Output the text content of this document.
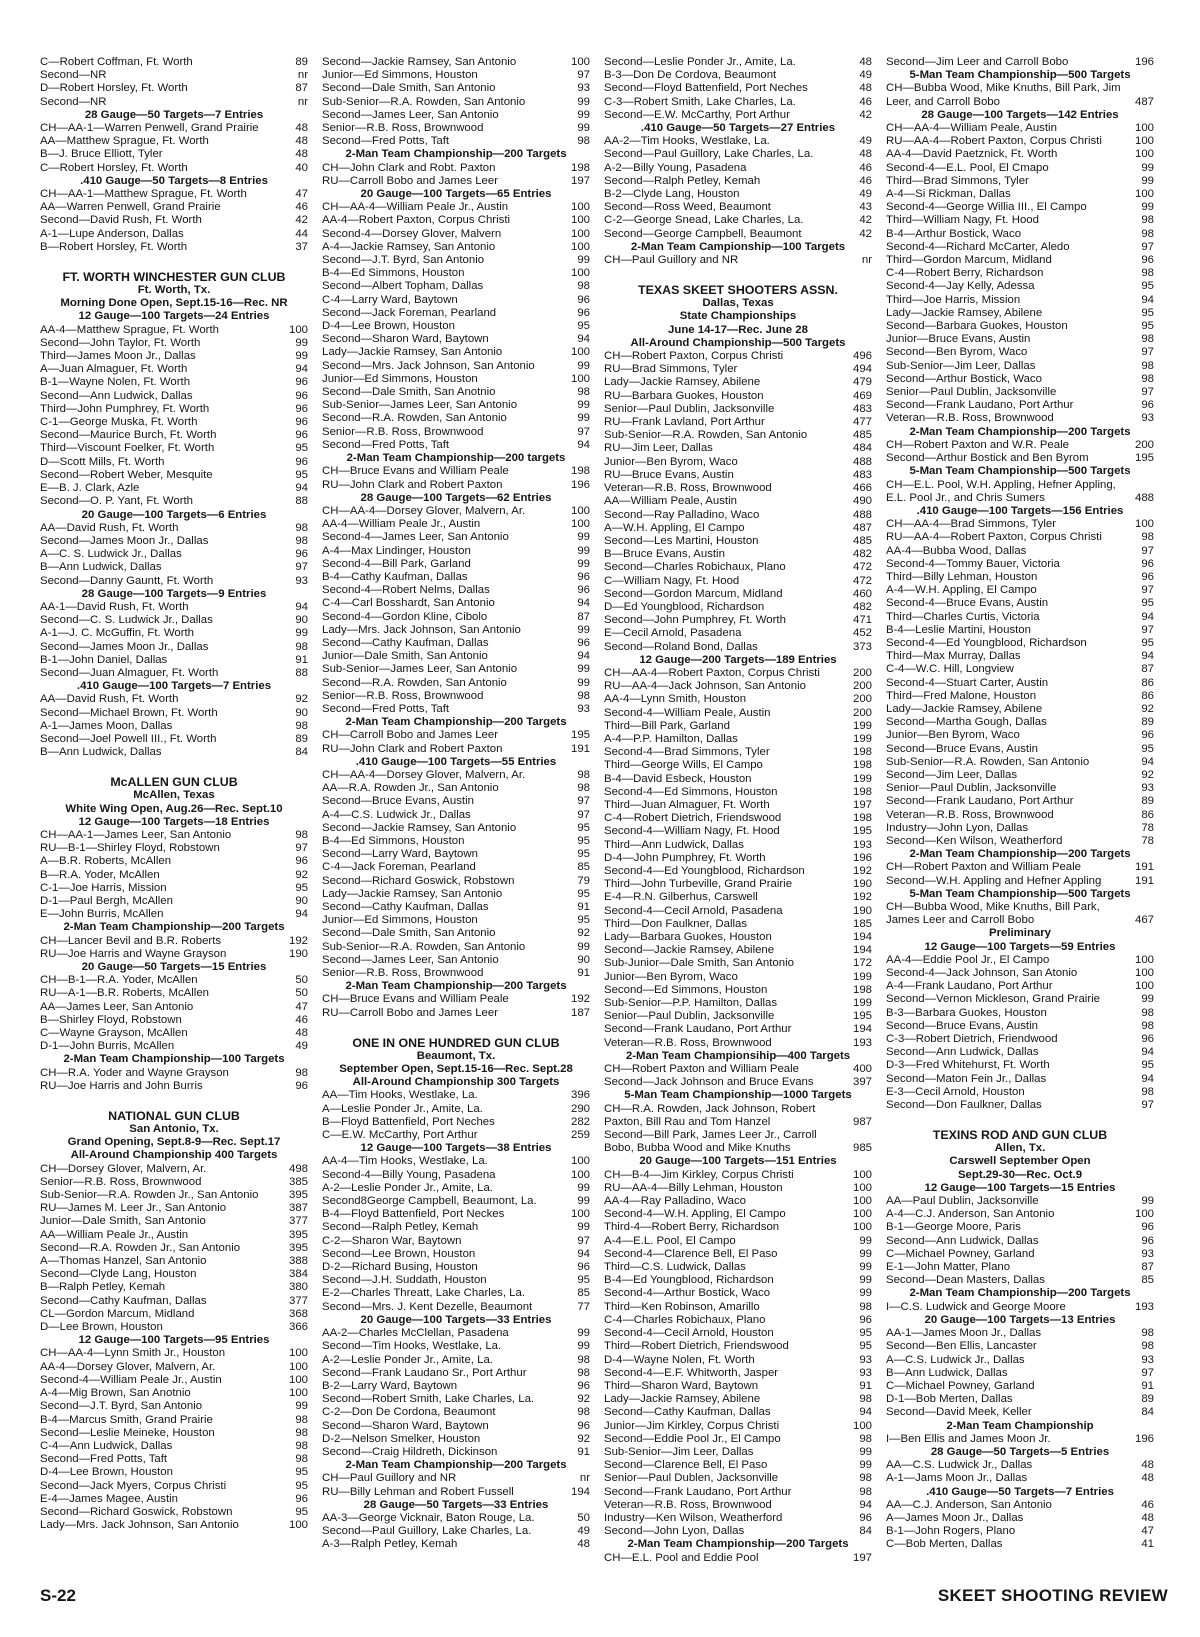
C—Robert Coffman, Ft. Worth	89
Second—NR	nr
D—Robert Horsley, Ft. Worth	87
Second—NR	nr
28 Gauge—50 Targets—7 Entries
CH—AA-1—Warren Penwell, Grand Prairie	48
AA—Matthew Sprague, Ft. Worth	48
B—J. Bruce Elliott, Tyler	48
C—Robert Horsley, Ft. Worth	40
.410 Gauge—50 Targets—8 Entries
CH—AA-1—Matthew Sprague, Ft. Worth	47
AA—Warren Penwell, Grand Prairie	46
Second—David Rush, Ft. Worth	42
A-1—Lupe Anderson, Dallas	44
B—Robert Horsley, Ft. Worth	37
FT. WORTH WINCHESTER GUN CLUB
Ft. Worth, Tx.
Morning Done Open, Sept.15-16—Rec. NR
12 Gauge—100 Targets—24 Entries
AA-4—Matthew Sprague, Ft. Worth	100
Second—John Taylor, Ft. Worth	99
Third—James Moon Jr., Dallas	99
A—Juan Almaguer, Ft. Worth	94
B-1—Wayne Nolen, Ft. Worth	96
Second—Ann Ludwick, Dallas	96
Third—John Pumphrey, Ft. Worth	96
C-1—George Muska, Ft. Worth	96
Second—Maurice Burch, Ft. Worth	96
Third—Viscount Foelker, Ft. Worth	95
D—Scott Mills, Ft. Worth	96
Second—Robert Weber, Mesquite	95
E—B. J. Clark, Azle	94
Second—O. P. Yant, Ft. Worth	88
20 Gauge—100 Targets—6 Entries
AA—David Rush, Ft. Worth	98
Second—James Moon Jr., Dallas	98
A—C. S. Ludwick Jr., Dallas	96
B—Ann Ludwick, Dallas	97
Second—Danny Gauntt, Ft. Worth	93
28 Gauge—100 Targets—9 Entries
AA-1—David Rush, Ft. Worth	94
Second—C. S. Ludwick Jr., Dallas	90
A-1—J. C. McGuffin, Ft. Worth	99
Second—James Moon Jr., Dallas	98
B-1—John Daniel, Dallas	91
Second—Juan Almaguer, Ft. Worth	88
.410 Gauge—100 Targets—7 Entries
AA—David Rush, Ft. Worth	92
Second—Michael Brown, Ft. Worth	90
A-1—James Moon, Dallas	98
Second—Joel Powell III., Ft. Worth	89
B—Ann Ludwick, Dallas	84
McALLEN GUN CLUB
McAllen, Texas
White Wing Open, Aug.26—Rec. Sept.10
12 Gauge—100 Targets—18 Entries
CH—AA-1—James Leer, San Antonio	98
RU—B-1—Shirley Floyd, Robstown	97
A—B.R. Roberts, McAllen	96
B—R.A. Yoder, McAllen	92
C-1—Joe Harris, Mission	95
D-1—Paul Bergh, McAllen	90
E—John Burris, McAllen	94
2-Man Team Championship—200 Targets
CH—Lancer Bevil and B.R. Roberts	192
RU—Joe Harris and Wayne Grayson	190
20 Gauge—50 Targets—15 Entries
CH—B-1—R.A. Yoder, McAllen	50
RU—A-1—B.R. Roberts, McAllen	50
AA—James Leer, San Antonio	47
B—Shirley Floyd, Robstown	46
C—Wayne Grayson, McAllen	48
D-1—John Burris, McAllen	49
2-Man Team Championship—100 Targets
CH—R.A. Yoder and Wayne Grayson	98
RU—Joe Harris and John Burris	96
NATIONAL GUN CLUB
San Antonio, Tx.
Grand Opening, Sept.8-9—Rec. Sept.17
All-Around Championship 400 Targets
CH—Dorsey Glover, Malvern, Ar.	498
Senior—R.B. Ross, Brownwood	385
Sub-Senior—R.A. Rowden Jr., San Antonio	395
RU—James M. Leer Jr., San Antonio	387
Junior—Dale Smith, San Antonio	377
AA—William Peale Jr., Austin	395
Second—R.A. Rowden Jr., San Antonio	395
A—Thomas Hanzel, San Antonio	388
Second—Clyde Lang, Houston	384
B—Ralph Petley, Kemah	380
Second—Cathy Kaufman, Dallas	377
CL—Gordon Marcum, Midland	368
D—Lee Brown, Houston	366
12 Gauge—100 Targets—95 Entries
CH—AA-4—Lynn Smith Jr., Houston	100
AA-4—Dorsey Glover, Malvern, Ar.	100
Second-4—William Peale Jr., Austin	100
A-4—Mig Brown, San Anotnio	100
Second—J.T. Byrd, San Antonio	99
B-4—Marcus Smith, Grand Prairie	98
Second—Leslie Meineke, Houston	98
C-4—Ann Ludwick, Dallas	98
Second—Fred Potts, Taft	98
D-4—Lee Brown, Houston	95
Second—Jack Myers, Corpus Christi	95
E-4—James Magee, Austin	96
Second—Richard Goswick, Robstown	95
Lady—Mrs. Jack Johnson, San Antonio	100
Second—Jackie Ramsey, San Antonio	100
Junior—Ed Simmons, Houston	97
Second—Dale Smith, San Antonio	93
Sub-Senior—R.A. Rowden, San Antonio	99
Second—James Leer, San Antonio	99
Senior—R.B. Ross, Brownwood	99
Second—Fred Potts, Taft	98
2-Man Team Championship—200 Targets
CH—John Clark and Robt. Paxton	198
RU—Carroll Bobo and James Leer	197
20 Gauge—100 Targets—65 Entries
CH—AA-4—William Peale Jr., Austin	100
AA-4—Robert Paxton, Corpus Christi	100
Second-4—Dorsey Glover, Malvern	100
A-4—Jackie Ramsey, San Antonio	100
Second—J.T. Byrd, San Antonio	99
B-4—Ed Simmons, Houston	100
Second—Albert Topham, Dallas	98
C-4—Larry Ward, Baytown	96
Second—Jack Foreman, Pearland	96
D-4—Lee Brown, Houston	95
Second—Sharon Ward, Baytown	94
Lady—Jackie Ramsey, San Antonio	100
Second—Mrs. Jack Johnson, San Antonio	99
Junior—Ed Simmons, Houston	100
Second—Dale Smith, San Anotnio	98
Sub-Senior—James Leer, San Antonio	99
Second—R.A. Rowden, San Antonio	99
Senior—R.B. Ross, Brownwood	97
Second—Fred Potts, Taft	94
2-Man Team Championship—200 targets
CH—Bruce Evans and William Peale	198
RU—John Clark and Robert Paxton	196
28 Gauge—100 Targets—62 Entries
CH—AA-4—Dorsey Glover, Malvern, Ar.	100
AA-4—William Peale Jr., Austin	100
Second-4—James Leer, San Antonio	99
A-4—Max Lindinger, Houston	99
Second-4—Bill Park, Garland	99
B-4—Cathy Kaufman, Dallas	96
Second-4—Robert Nelms, Dallas	96
C-4—Carl Bosshardt, San Antonio	94
Second-4—Gordon Kline, Cibolo	87
Lady—Mrs. Jack Johnson, San Antonio	99
Second—Cathy Kaufman, Dallas	96
Junior—Dale Smith, San Antonio	94
Sub-Senior—James Leer, San Antonio	99
Second—R.A. Rowden, San Antonio	99
Senior—R.B. Ross, Brownwood	98
Second—Fred Potts, Taft	93
2-Man Team Championship—200 Targets
CH—Carroll Bobo and James Leer	195
RU—John Clark and Robert Paxton	191
.410 Gauge—100 Targets—55 Entries
CH—AA-4—Dorsey Glover, Malvern, Ar.	98
AA—R.A. Rowden Jr., San Antonio	98
Second—Bruce Evans, Austin	97
A-4—C.S. Ludwick Jr., Dallas	97
Second—Jackie Ramsey, San Antonio	95
B-4—Ed Simmons, Houston	95
Second—Larry Ward, Baytown	95
C-4—Jack Foreman, Pearland	85
Second—Richard Goswick, Robstown	79
Lady—Jackie Ramsey, San Antonio	95
Second—Cathy Kaufman, Dallas	91
Junior—Ed Simmons, Houston	95
Second—Dale Smith, San Antonio	92
Sub-Senior—R.A. Rowden, San Antonio	99
Second—James Leer, San Antonio	90
Senior—R.B. Ross, Brownwood	91
2-Man Team Championship—200 Targets
CH—Bruce Evans and William Peale	192
RU—Carroll Bobo and James Leer	187
ONE IN ONE HUNDRED GUN CLUB
Beaumont, Tx.
September Open, Sept.15-16—Rec. Sept.28
All-Around Championship 300 Targets
AA—Tim Hooks, Westlake, La.	396
A—Leslie Ponder Jr., Amite, La.	290
B—Floyd Battenfield, Port Neches	282
C—E.W. McCarthy, Port Arthur	259
12 Gauge—100 Targets—38 Entries
AA-4—Tim Hooks, Westlake, La.	100
Second-4—Billy Young, Pasadena	100
A-2—Leslie Ponder Jr., Amite, La.	99
Second8George Campbell, Beaumont, La.	99
B-4—Floyd Battenfield, Port Neckes	100
Second—Ralph Petley, Kemah	99
C-2—Sharon War, Baytown	97
Second—Lee Brown, Houston	94
D-2—Richard Busing, Houston	96
Second—J.H. Suddath, Houston	95
E-2—Charles Threatt, Lake Charles, La.	85
Second—Mrs. J. Kent Dezelle, Beaumont	77
20 Gauge—100 Targets—33 Entries
AA-2—Charles McClellan, Pasadena	99
Second—Tim Hooks, Westlake, La.	99
A-2—Leslie Ponder Jr., Amite, La.	98
Second—Frank Laudano Sr., Port Arthur	98
B-2—Larry Ward, Baytown	96
Second—Robert Smith, Lake Charles, La.	92
C-2—Don De Cordona, Beaumont	98
Second—Sharon Ward, Baytown	96
D-2—Nelson Smelker, Houston	92
Second—Craig Hildreth, Dickinson	91
2-Man Team Championship—200 Targets
CH—Paul Guillory and NR	nr
RU—Billy Lehman and Robert Fussell	194
28 Gauge—50 Targets—33 Entries
AA-3—George Vicknair, Baton Rouge, La.	50
Second—Paul Guillory, Lake Charles, La.	49
A-3—Ralph Petley, Kemah	48
Second—Leslie Ponder Jr., Amite, La.	48
B-3—Don De Cordova, Beaumont	49
Second—Floyd Battenfield, Port Neches	48
C-3—Robert Smith, Lake Charles, La.	46
Second—E.W. McCarthy, Port Arthur	42
.410 Gauge—50 Targets—27 Entries
AA-2—Tim Hooks, Westlake, La.	49
Second—Paul Guillory, Lake Charles, La.	48
A-2—Billy Young, Pasadena	46
Second—Ralph Petley, Kemah	46
B-2—Clyde Lang, Houston	49
Second—Ross Weed, Beaumont	43
C-2—George Snead, Lake Charles, La.	42
Second—George Campbell, Beaumont	42
2-Man Team Campionship—100 Targets
CH—Paul Guillory and NR	nr
TEXAS SKEET SHOOTERS ASSN.
Dallas, Texas
State Championships
June 14-17—Rec. June 28
All-Around Championship—500 Targets
CH—Robert Paxton, Corpus Christi	496
RU—Brad Simmons, Tyler	494
Lady—Jackie Ramsey, Abilene	479
RU—Barbara Guokes, Houston	469
Senior—Paul Dublin, Jacksonville	483
RU—Frank Lavland, Port Arthur	477
Sub-Senior—R.A. Rowden, San Antonio	485
RU—Jim Leer, Dallas	484
Junior—Ben Byrom, Waco	488
RU—Bruce Evans, Austin	483
Veteran—R.B. Ross, Brownwood	466
AA—William Peale, Austin	490
Second—Ray Palladino, Waco	488
A—W.H. Appling, El Campo	487
Second—Les Martini, Houston	485
B—Bruce Evans, Austin	482
Second—Charles Robichaux, Plano	472
C—William Nagy, Ft. Hood	472
Second—Gordon Marcum, Midland	460
D—Ed Youngblood, Richardson	482
Second—John Pumphrey, Ft. Worth	471
E—Cecil Arnold, Pasadena	452
Second—Roland Bond, Dallas	373
12 Gauge—200 Targets—189 Entries
CH—AA-4—Robert Paxton, Corpus Christi	200
RU—AA-4—Jack Johnson, San Antonio	200
AA-4—Lynn Smith, Houston	200
Second-4—William Peale, Austin	200
Third—Bill Park, Garland	199
A-4—P.P. Hamilton, Dallas	199
Second-4—Brad Simmons, Tyler	198
Third—George Wills, El Campo	198
B-4—David Esbeck, Houston	199
Second-4—Ed Simmons, Houston	198
Third—Juan Almaguer, Ft. Worth	197
C-4—Robert Dietrich, Friendswood	198
Second-4—William Nagy, Ft. Hood	195
Third—Ann Ludwick, Dallas	193
D-4—John Pumphrey, Ft. Worth	196
Second-4—Ed Youngblood, Richardson	192
Third—John Turbeville, Grand Prairie	190
E-4—R.N. Gilberhus, Carswell	192
Second-4—Cecil Arnold, Pasadena	190
Third—Don Faulkner, Dallas	185
Lady—Barbara Guokes, Houston	194
Second—Jackie Ramsey, Abilene	194
Sub-Junior—Dale Smith, San Antonio	172
Junior—Ben Byrom, Waco	199
Second—Ed Simmons, Houston	198
Sub-Senior—P.P. Hamilton, Dallas	199
Senior—Paul Dublin, Jacksonville	195
Second—Frank Laudano, Port Arthur	194
Veteran—R.B. Ross, Brownwood	193
2-Man Team Championsihip—400 Targets
CH—Robert Paxton and William Peale	400
Second—Jack Johnson and Bruce Evans	397
5-Man Team Championship—1000 Targets
CH—R.A. Rowden, Jack Johnson, Robert
Paxton, Bill Rau and Tom Hanzel	987
Second—Bill Park, James Leer Jr., Carroll
Bobo, Bubba Wood and Mike Knuths	985
20 Gauge—100 Targets—151 Entries
CH—B-4—Jim Kirkley, Corpus Christi	100
RU—AA-4—Billy Lehman, Houston	100
AA-4—Ray Palladino, Waco	100
Second-4—W.H. Appling, El Campo	100
Third-4—Robert Berry, Richardson	100
A-4—E.L. Pool, El Campo	99
Second-4—Clarence Bell, El Paso	99
Third—C.S. Ludwick, Dallas	99
B-4—Ed Youngblood, Richardson	99
Second-4—Arthur Bostick, Waco	99
Third—Ken Robinson, Amarillo	98
C-4—Charles Robichaux, Plano	96
Second-4—Cecil Arnold, Houston	95
Third—Robert Dietrich, Friendswood	95
D-4—Wayne Nolen, Ft. Worth	93
Second-4—E.F. Whitworth, Jasper	93
Third—Sharon Ward, Baytown	91
Lady—Jackie Ramsey, Abilene	98
Second—Cathy Kaufman, Dallas	94
Junior—Jim Kirkley, Corpus Christi	100
Second—Eddie Pool Jr., El Campo	98
Sub-Senior—Jim Leer, Dallas	99
Second—Clarence Bell, El Paso	99
Senior—Paul Dublen, Jacksonville	98
Second—Frank Laudano, Port Arthur	98
Veteran—R.B. Ross, Brownwood	94
Industry—Ken Wilson, Weatherford	96
Second—John Lyon, Dallas	84
2-Man Team Championship—200 Targets
CH—E.L. Pool and Eddie Pool	197
Second—Jim Leer and Carroll Bobo	196
5-Man Team Championship—500 Targets
CH—Bubba Wood, Mike Knuths, Bill Park, Jim
Leer, and Carroll Bobo	487
28 Gauge—100 Targets—142 Entries
CH—AA-4—William Peale, Austin	100
RU—AA-4—Robert Paxton, Corpus Christi	100
AA-4—David Paetznick, Ft. Worth	100
Second-4—E.L. Pool, El Cmapo	99
Third—Brad Simmons, Tyler	99
A-4—Si Rickman, Dallas	100
Second-4—George Willia III., El Campo	99
Third—William Nagy, Ft. Hood	98
B-4—Arthur Bostick, Waco	98
Second-4—Richard McCarter, Aledo	97
Third—Gordon Marcum, Midland	96
C-4—Robert Berry, Richardson	98
Second-4—Jay Kelly, Adessa	95
Third—Joe Harris, Mission	94
Lady—Jackie Ramsey, Abilene	95
Second—Barbara Guokes, Houston	95
Junior—Bruce Evans, Austin	98
Second—Ben Byrom, Waco	97
Sub-Senior—Jim Leer, Dallas	98
Second—Arthur Bostick, Waco	98
Senior—Paul Dublin, Jacksonville	97
Second—Frank Laudano, Port Arthur	96
Veteran—R.B. Ross, Brownwood	93
2-Man Team Championship—200 Targets
CH—Robert Paxton and W.R. Peale	200
Second—Arthur Bostick and Ben Byrom	195
5-Man Team Championship—500 Targets
CH—E.L. Pool, W.H. Appling, Hefner Appling,
E.L. Pool Jr., and Chris Sumers	488
.410 Gauge—100 Targets—156 Entries
CH—AA-4—Brad Simmons, Tyler	100
RU—AA-4—Robert Paxton, Corpus Christi	98
AA-4—Bubba Wood, Dallas	97
Second-4—Tommy Bauer, Victoria	96
Third—Billy Lehman, Houston	96
A-4—W.H. Appling, El Campo	97
Second-4—Bruce Evans, Austin	95
Third—Charles Curtis, Victoria	94
B-4—Leslie Martini, Houston	97
Second-4—Ed Youngblood, Richardson	95
Third—Max Murray, Dallas	94
C-4—W.C. Hill, Longview	87
Second-4—Stuart Carter, Austin	86
Third—Fred Malone, Houston	86
Lady—Jackie Ramsey, Abilene	92
Second—Martha Gough, Dallas	89
Junior—Ben Byrom, Waco	96
Second—Bruce Evans, Austin	95
Sub-Senior—R.A. Rowden, San Antonio	94
Second—Jim Leer, Dallas	92
Senior—Paul Dublin, Jacksonville	93
Second—Frank Laudano, Port Arthur	89
Veteran—R.B. Ross, Brownwood	86
Industry—John Lyon, Dallas	78
Second—Ken Wilson, Weatherford	78
2-Man Team Championship—200 Targets
CH—Robert Paxton and William Peale	191
Second—W.H. Appling and Hefner Appling	191
5-Man Team Championship—500 Targets
CH—Bubba Wood, Mike Knuths, Bill Park,
James Leer and Carroll Bobo	467
Preliminary
12 Gauge—100 Targets—59 Entries
AA-4—Eddie Pool Jr., El Campo	100
Second-4—Jack Johnson, San Atonio	100
A-4—Frank Laudano, Port Arthur	100
Second—Vernon Mickleson, Grand Prairie	99
B-3—Barbara Guokes, Houston	98
Second—Bruce Evans, Austin	98
C-3—Robert Dietrich, Friendwood	96
Second—Ann Ludwick, Dallas	94
D-3—Fred Whitehurst, Ft. Worth	95
Second—Maton Fein Jr., Dallas	94
E-3—Cecil Arnold, Houston	98
Second—Don Faulkner, Dallas	97
TEXINS ROD AND GUN CLUB
Allen, Tx.
Carswell September Open
Sept.29-30—Rec. Oct.9
12 Gauge—100 Targets—15 Entries
AA—Paul Dublin, Jacksonville	99
A-4—C.J. Anderson, San Antonio	100
B-1—George Moore, Paris	96
Second—Ann Ludwick, Dallas	96
C—Michael Powney, Garland	93
E-1—John Matter, Plano	87
Second—Dean Masters, Dallas	85
2-Man Team Championship—200 Targets
I—C.S. Ludwick and George Moore	193
20 Gauge—100 Targets—13 Entries
AA-1—James Moon Jr., Dallas	98
Second—Ben Ellis, Lancaster	98
A—C.S. Ludwick Jr., Dallas	93
B—Ann Ludwick, Dallas	97
C—Michael Powney, Garland	91
D-1—Bob Merten, Dallas	89
Second—David Meek, Keller	84
2-Man Team Championship
I—Ben Ellis and James Moon Jr.	196
28 Gauge—50 Targets—5 Entries
AA—C.S. Ludwick Jr., Dallas	48
A-1—Jams Moon Jr., Dallas	48
.410 Gauge—50 Targets—7 Entries
AA—C.J. Anderson, San Antonio	46
A—James Moon Jr., Dallas	48
B-1—John Rogers, Plano	47
C—Bob Merten, Dallas	41
S-22	SKEET SHOOTING REVIEW
